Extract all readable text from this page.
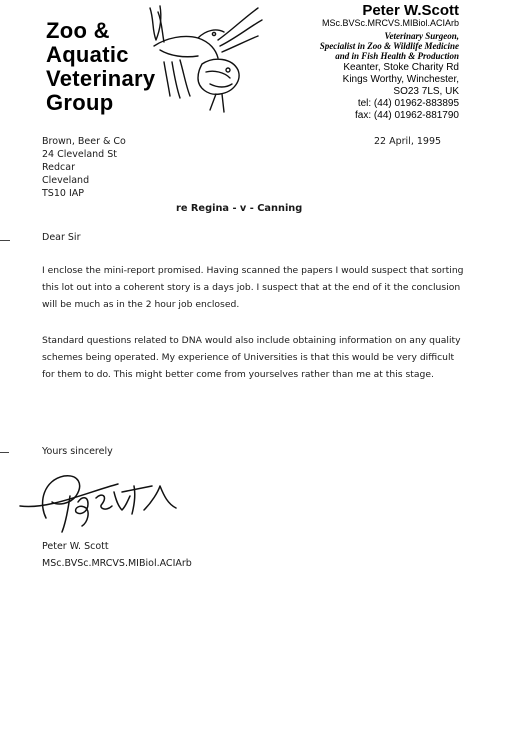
Zoo &
Aquatic
Veterinary
Group
Peter W.Scott
MSc.BVSc.MRCVS.MIBiol.ACIArb
Veterinary Surgeon,
Specialist in Zoo & Wildlife Medicine
and in Fish Health & Production
Keanter, Stoke Charity Rd
Kings Worthy, Winchester,
SO23 7LS, UK
tel: (44) 01962-883895
fax: (44) 01962-881790
Brown, Beer & Co
24 Cleveland St
Redcar
Cleveland
TS10 IAP
22 April, 1995
re Regina - v - Canning
Dear Sir
I enclose the mini-report promised. Having scanned the papers I would suspect that sorting
this lot out into a coherent story is a days job. I suspect that at the end of it the conclusion
will be much as in the 2 hour job enclosed.
Standard questions related to DNA would also include obtaining information on any quality
schemes being operated. My experience of Universities is that this would be very difficult
for them to do. This might better come from yourselves rather than me at this stage.
Yours sincerely
Peter W. Scott
MSc.BVSc.MRCVS.MIBiol.ACIArb
